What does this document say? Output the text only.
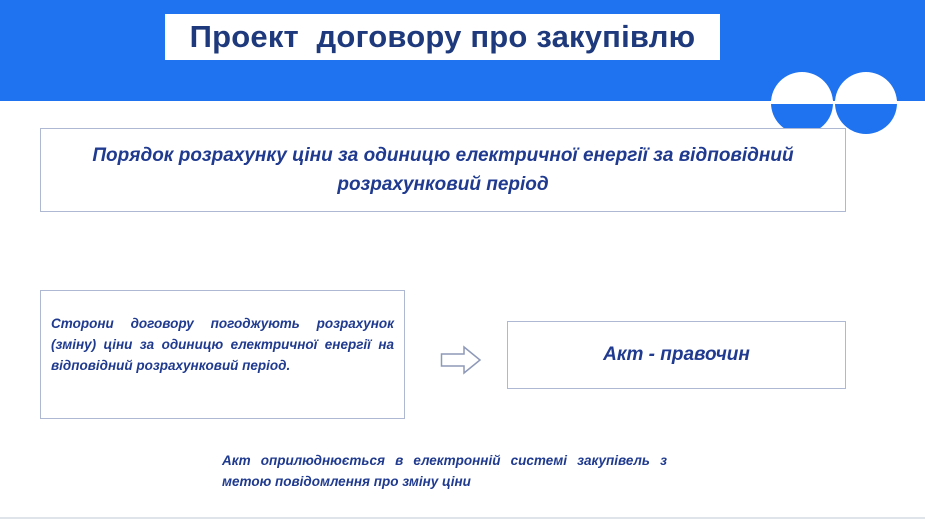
Проект  договору про закупівлю
Порядок розрахунку ціни за одиницю електричної енергії за відповідний розрахунковий період
Сторони договору погоджують розрахунок (зміну) ціни за одиницю електричної енергії на відповідний розрахунковий період.
Акт - правочин
Акт оприлюднюється в електронній системі закупівель з метою повідомлення про зміну ціни
